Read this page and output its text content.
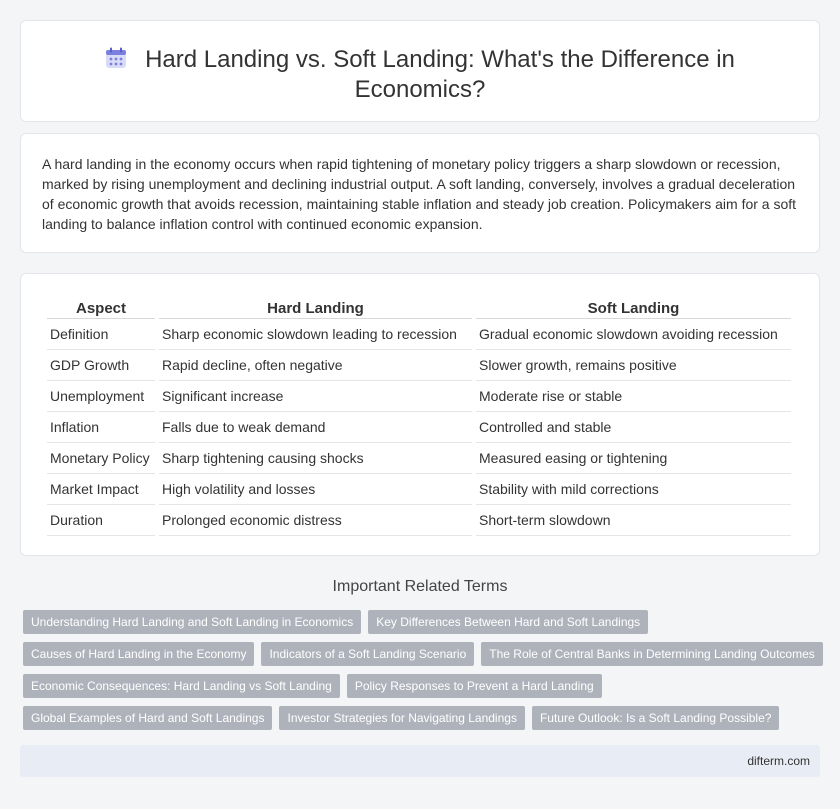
Hard Landing vs. Soft Landing: What's the Difference in Economics?

A hard landing in the economy occurs when rapid tightening of monetary policy triggers a sharp slowdown or recession, marked by rising unemployment and declining industrial output. A soft landing, conversely, involves a gradual deceleration of economic growth that avoids recession, maintaining stable inflation and steady job creation. Policymakers aim for a soft landing to balance inflation control with continued economic expansion.

Aspect	Hard Landing	Soft Landing
Definition	Sharp economic slowdown leading to recession	Gradual economic slowdown avoiding recession
GDP Growth	Rapid decline, often negative	Slower growth, remains positive
Unemployment	Significant increase	Moderate rise or stable
Inflation	Falls due to weak demand	Controlled and stable
Monetary Policy	Sharp tightening causing shocks	Measured easing or tightening
Market Impact	High volatility and losses	Stability with mild corrections
Duration	Prolonged economic distress	Short-term slowdown
Important Related Terms
Understanding Hard Landing and Soft Landing in Economics	Key Differences Between Hard and Soft Landings
Causes of Hard Landing in the Economy	Indicators of a Soft Landing Scenario	The Role of Central Banks in Determining Landing Outcomes
Economic Consequences: Hard Landing vs Soft Landing	Policy Responses to Prevent a Hard Landing
Global Examples of Hard and Soft Landings	Investor Strategies for Navigating Landings	Future Outlook: Is a Soft Landing Possible?
difterm.com
